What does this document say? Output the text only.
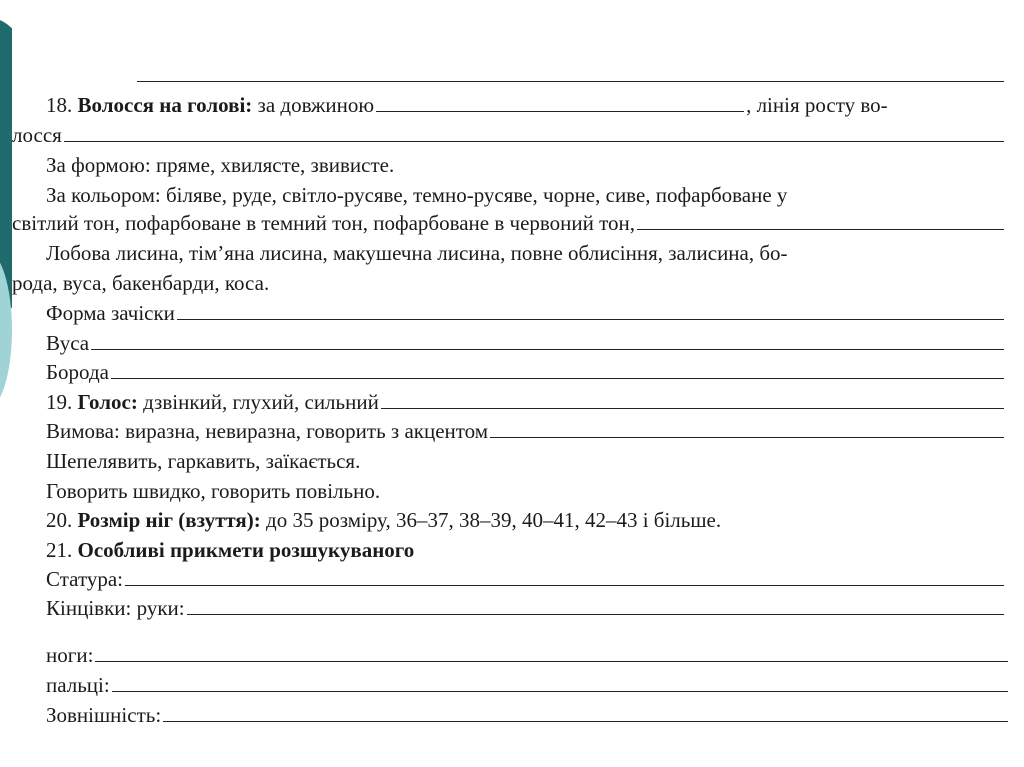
18.
Волосся на голові:
за довжиною	, лінія росту во-
лосся
За формою: пряме, хвилясте, звивисте.
За кольором: біляве, руде, світло-русяве, темно-русяве, чорне, сиве, пофарбоване у
світлий тон, пофарбоване в темний тон, пофарбоване в червоний тон,
Лобова лисина, тім’яна лисина, макушечна лисина, повне облисіння, залисина, бо-
рода, вуса, бакенбарди, коса.
Форма зачіски
Вуса
Борода
19.
Голос:
дзвінкий, глухий, сильний
Вимова: виразна, невиразна, говорить з акцентом
Шепелявить, гаркавить, заїкається.
Говорить швидко, говорить повільно.
20.
Розмір ніг (взуття):
до 35 розміру, 36–37, 38–39, 40–41, 42–43 і більше.
21.
Особливі прикмети розшукуваного
Статура:
Кінцівки: руки:
ноги:
пальці:
Зовнішність:
